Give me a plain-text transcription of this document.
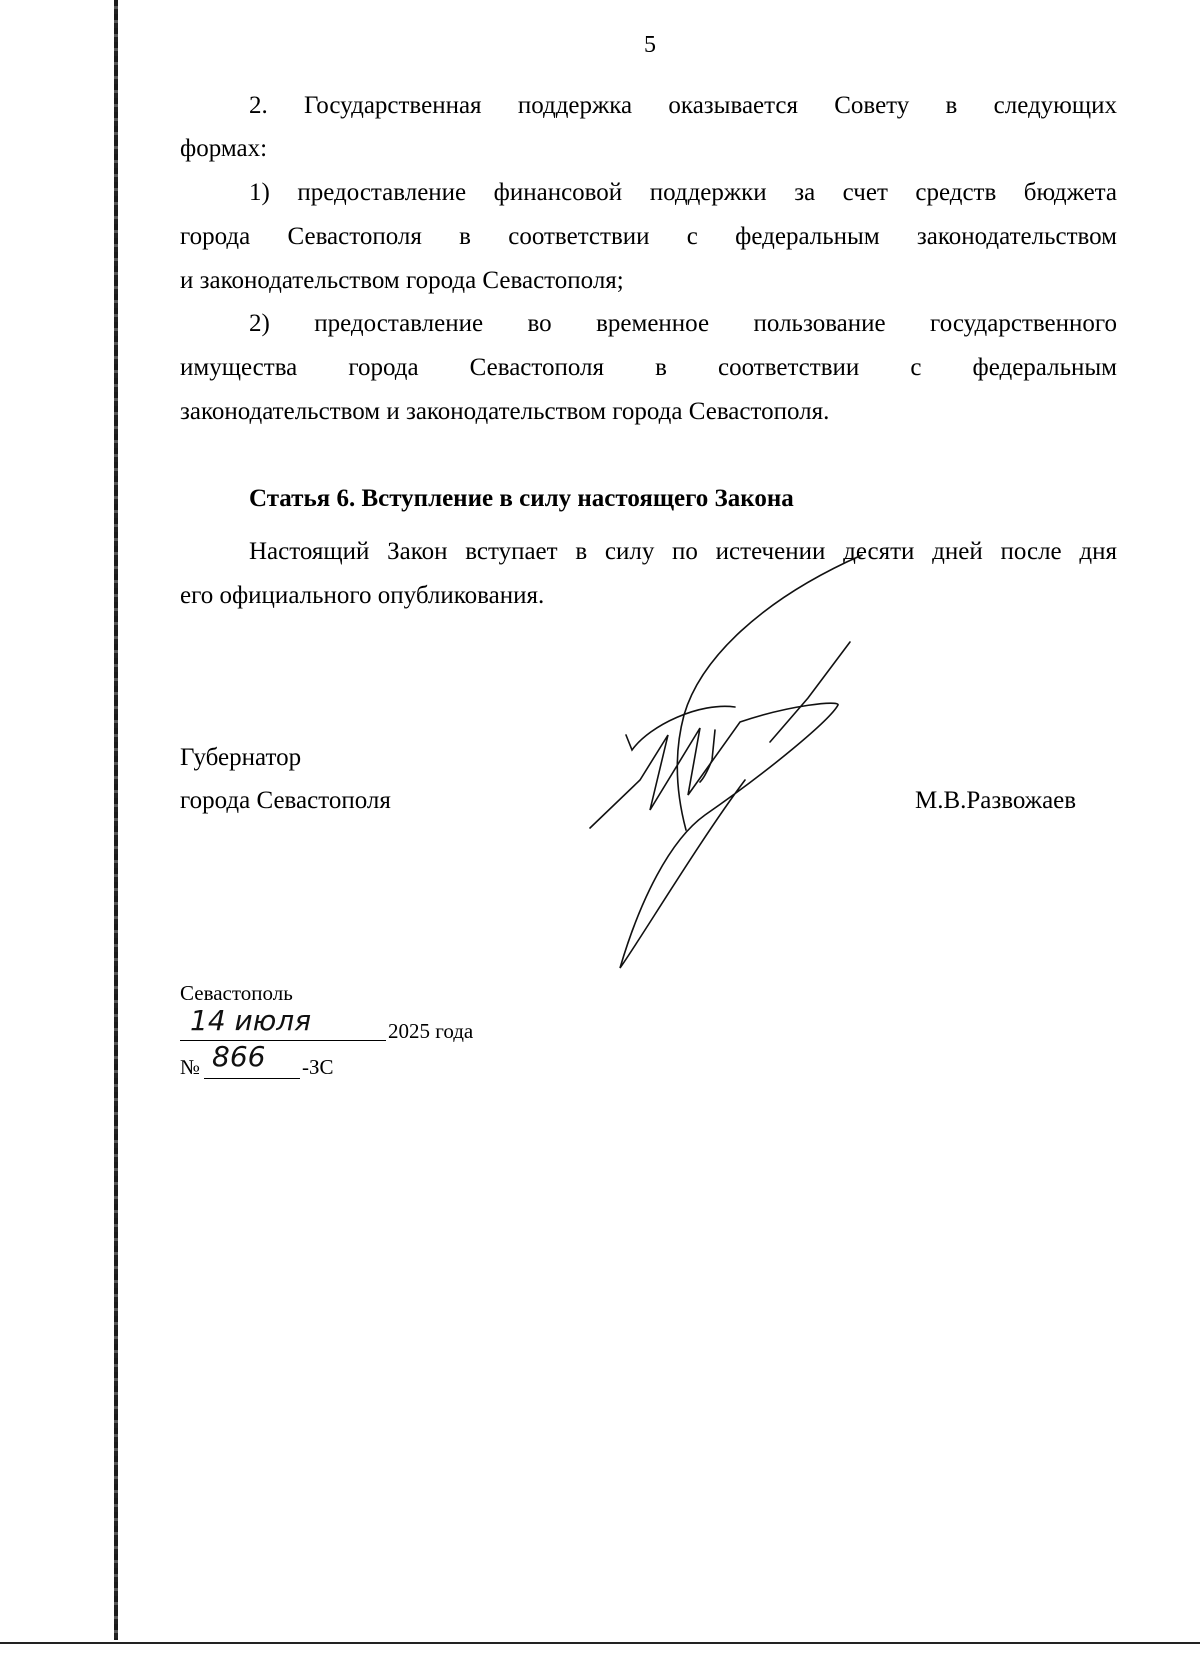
5
2. Государственная поддержка оказывается Совету в следующих
формах:
1) предоставление финансовой поддержки за счет средств бюджета
города Севастополя в соответствии с федеральным законодательством
и законодательством города Севастополя;
2) предоставление во временное пользование государственного
имущества города Севастополя в соответствии с федеральным
законодательством и законодательством города Севастополя.
Статья 6. Вступление в силу настоящего Закона
Настоящий Закон вступает в силу по истечении десяти дней после дня
его официального опубликования.
Губернатор
города Севастополя	М.В.Развожаев
Севастополь
14 июля	2025 года
№ 866 -ЗС
